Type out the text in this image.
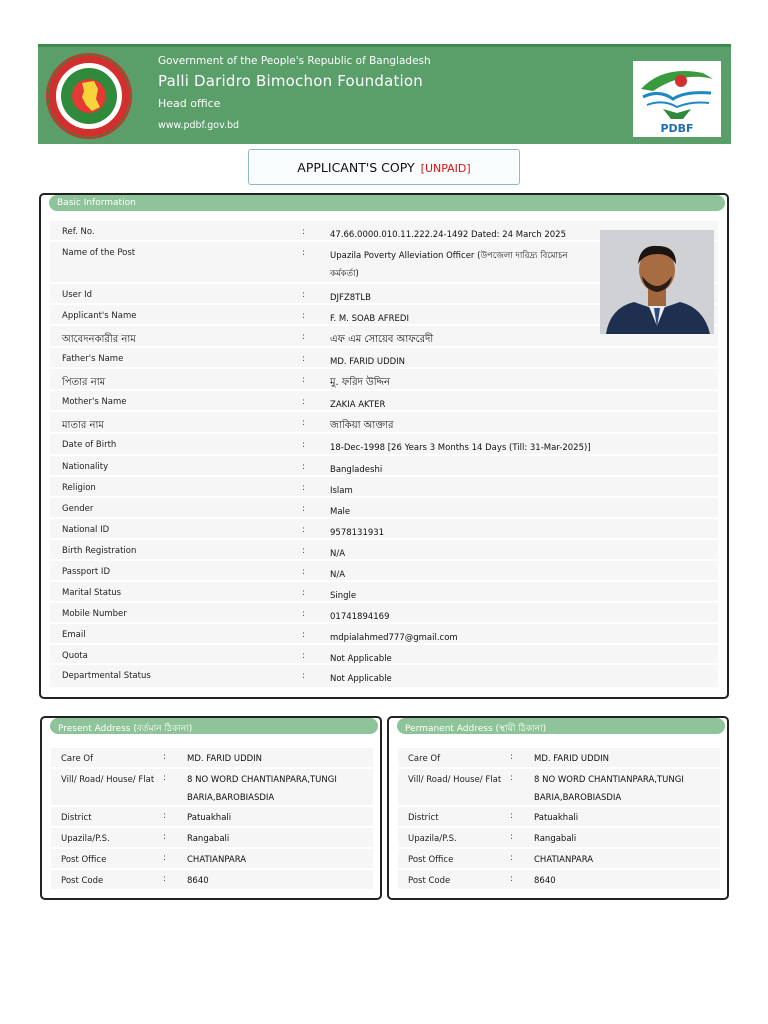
Government of the People's Republic of Bangladesh
Palli Daridro Bimochon Foundation
Head office
www.pdbf.gov.bd	PDBF
APPLICANT'S COPY [UNPAID]
Basic Information
Ref. No.	:	47.66.0000.010.11.222.24-1492 Dated: 24 March 2025
Name of the Post	:	Upazila Poverty Alleviation Officer (উপজেলা দারিদ্র্য বিমোচন কর্মকর্তা)
User Id	:	DJFZ8TLB
Applicant's Name	:	F. M. SOAB AFREDI
আবেদনকারীর নাম	:	এফ এম সোয়েব আফরেদী
Father's Name	:	MD. FARID UDDIN
পিতার নাম	:	মু. ফরিদ উদ্দিন
Mother's Name	:	ZAKIA AKTER
মাতার নাম	:	জাকিয়া আক্তার
Date of Birth	:	18-Dec-1998 [26 Years 3 Months 14 Days (Till: 31-Mar-2025)]
Nationality	:	Bangladeshi
Religion	:	Islam
Gender	:	Male
National ID	:	9578131931
Birth Registration	:	N/A
Passport ID	:	N/A
Marital Status	:	Single
Mobile Number	:	01741894169
Email	:	mdpialahmed777@gmail.com
Quota	:	Not Applicable
Departmental Status	:	Not Applicable
Present Address (বর্তমান ঠিকানা)
Care Of	:	MD. FARID UDDIN
Vill/ Road/ House/ Flat	:	8 NO WORD CHANTIANPARA,TUNGI BARIA,BAROBIASDIA
District	:	Patuakhali
Upazila/P.S.	:	Rangabali
Post Office	:	CHATIANPARA
Post Code	:	8640
Permanent Address (স্থায়ী ঠিকানা)
Care Of	:	MD. FARID UDDIN
Vill/ Road/ House/ Flat	:	8 NO WORD CHANTIANPARA,TUNGI BARIA,BAROBIASDIA
District	:	Patuakhali
Upazila/P.S.	:	Rangabali
Post Office	:	CHATIANPARA
Post Code	:	8640
